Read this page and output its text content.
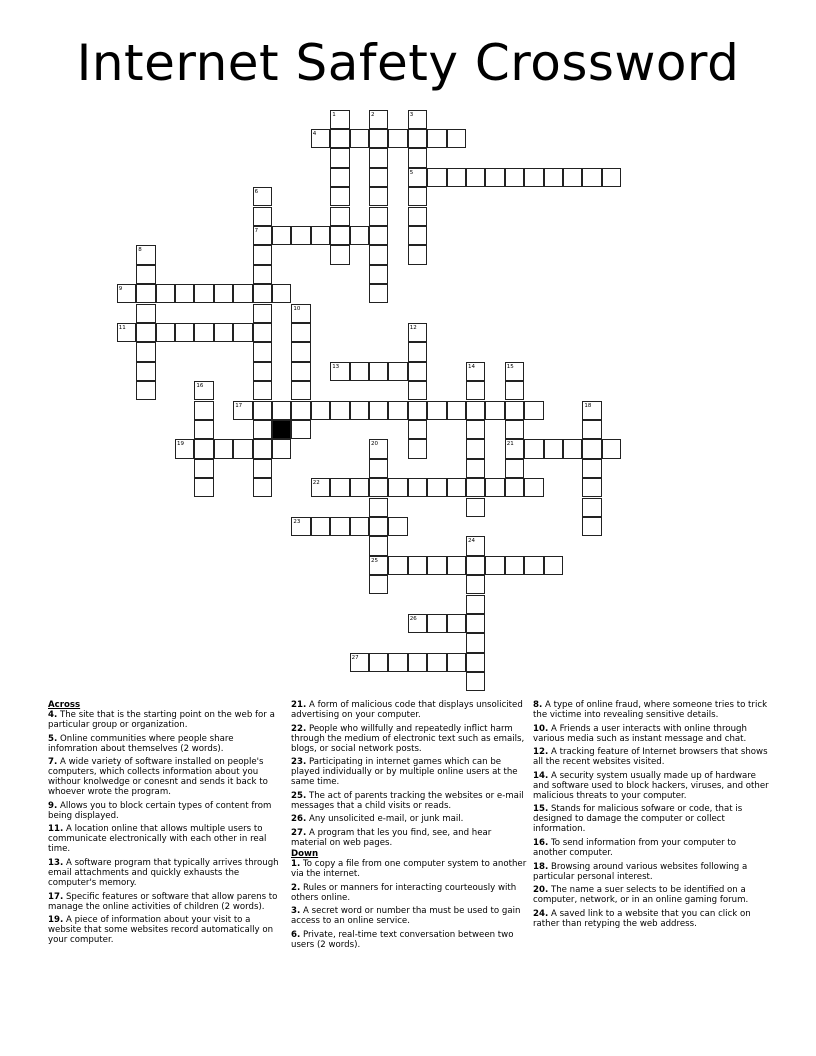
Internet Safety Crossword
1	2	3
4
5
6
7
8
9
10
11	12
13	14	15
16
17	18
19	20	21
22
23
24
25
26
27
Across
4. The site that is the starting point on the web for a particular group or organization.
5. Online communities where people share infomration about themselves (2 words).
7. A wide variety of software installed on people's computers, which collects information about you withour knolwedge or conesnt and sends it back to whoever wrote the program.
9. Allows you to block certain types of content from being displayed.
11. A location online that allows multiple users to communicate electronically with each other in real time.
13. A software program that typically arrives through email attachments and quickly exhausts the computer's memory.
17. Specific features or software that allow parens to manage the online activities of children (2 words).
19. A piece of information about your visit to a website that some websites record automatically on your computer.
21. A form of malicious code that displays unsolicited advertising on your computer.
22. People who willfully and repeatedly inflict harm through the medium of electronic text such as emails, blogs, or social network posts.
23. Participating in internet games which can be played individually or by multiple online users at the same time.
25. The act of parents tracking the websites or e-mail messages that a child visits or reads.
26. Any unsolicited e-mail, or junk mail.
27. A program that les you find, see, and hear material on web pages.
Down
1. To copy a file from one computer system to another via the internet.
2. Rules or manners for interacting courteously with others online.
3. A secret word or number tha must be used to gain access to an online service.
6. Private, real-time text conversation between two users (2 words).
8. A type of online fraud, where someone tries to trick the victime into revealing sensitive details.
10. A Friends a user interacts with online through various media such as instant message and chat.
12. A tracking feature of Internet browsers that shows all the recent websites visited.
14. A security system usually made up of hardware and software used to block hackers, viruses, and other malicious threats to your computer.
15. Stands for malicious sofware or code, that is designed to damage the computer or collect information.
16. To send information from your computer to another computer.
18. Browsing around various websites following a particular personal interest.
20. The name a suer selects to be identified on a computer, network, or in an online gaming forum.
24. A saved link to a website that you can click on rather than retyping the web address.
